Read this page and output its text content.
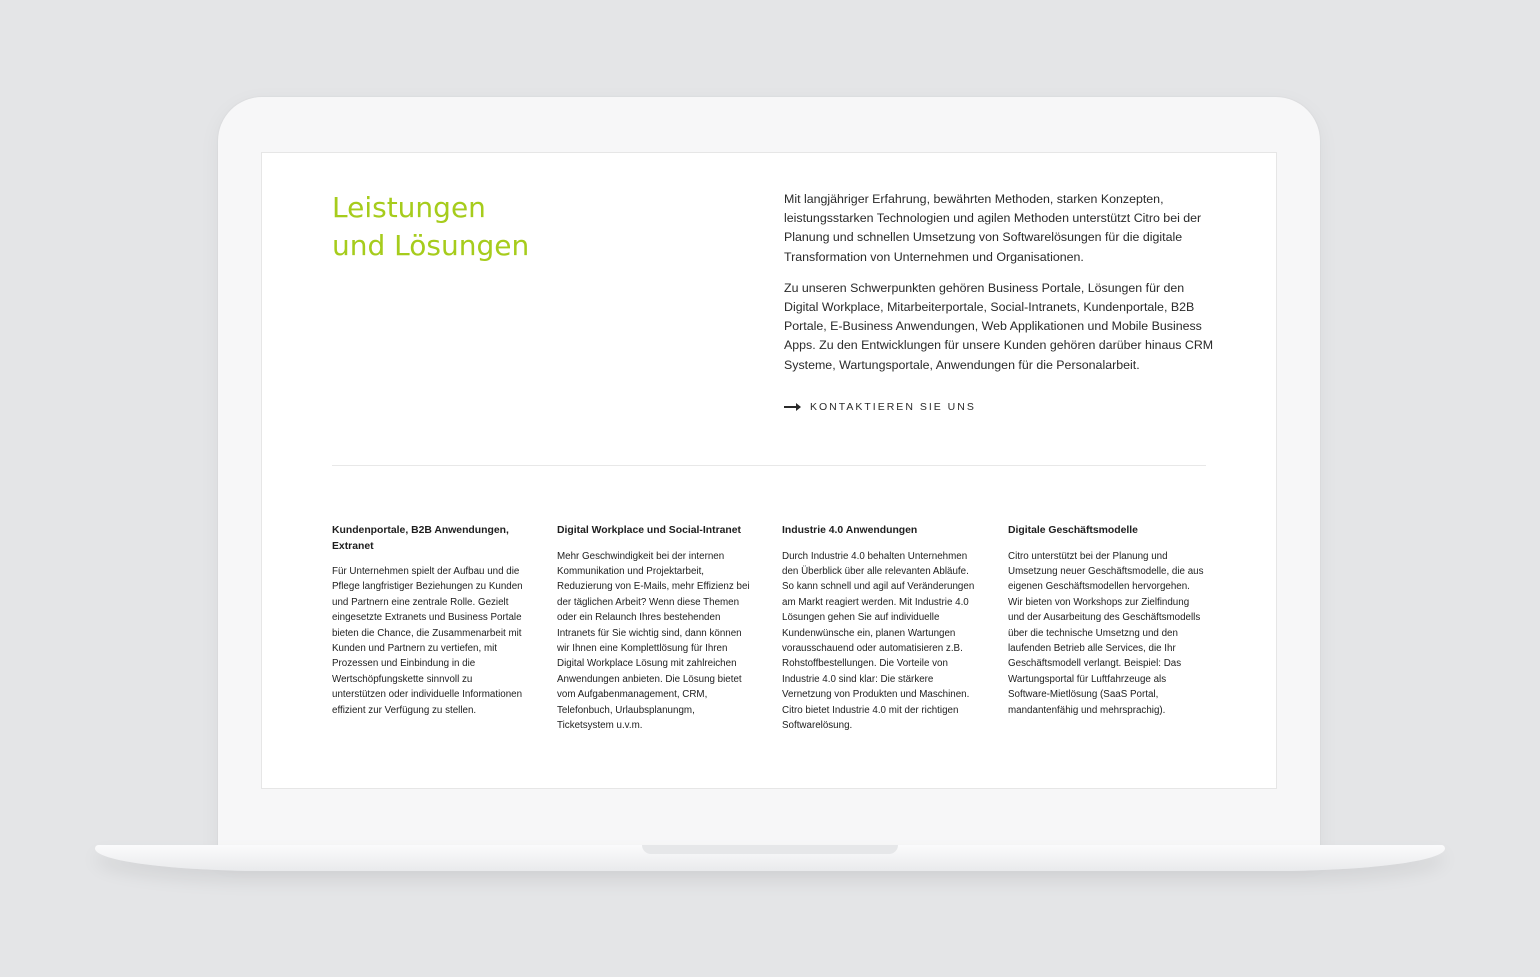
Leistungen
und Lösungen

Mit langjähriger Erfahrung, bewährten Methoden, starken Konzepten, leistungsstarken Technologien und agilen Methoden unterstützt Citro bei der Planung und schnellen Umsetzung von Softwarelösungen für die digitale Transformation von Unternehmen und Organisationen.

Zu unseren Schwerpunkten gehören Business Portale, Lösungen für den Digital Workplace, Mitarbeiterportale, Social-Intranets, Kundenportale, B2B Portale, E-Business Anwendungen, Web Applikationen und Mobile Business Apps. Zu den Entwicklungen für unsere Kunden gehören darüber hinaus CRM Systeme, Wartungsportale, Anwendungen für die Personalarbeit.

KONTAKTIEREN SIE UNS
Kundenportale, B2B Anwendungen, Extranet

Für Unternehmen spielt der Aufbau und die Pflege langfristiger Beziehungen zu Kunden und Partnern eine zentrale Rolle. Gezielt eingesetzte Extranets und Business Portale bieten die Chance, die Zusammenarbeit mit Kunden und Partnern zu vertiefen, mit Prozessen und Einbindung in die Wertschöpfungskette sinnvoll zu unterstützen oder individuelle Informationen effizient zur Verfügung zu stellen.

Digital Workplace und Social-Intranet

Mehr Geschwindigkeit bei der internen Kommunikation und Projektarbeit, Reduzierung von E-Mails, mehr Effizienz bei der täglichen Arbeit? Wenn diese Themen oder ein Relaunch Ihres bestehenden Intranets für Sie wichtig sind, dann können wir Ihnen eine Komplettlösung für Ihren Digital Workplace Lösung mit zahlreichen Anwendungen anbieten. Die Lösung bietet vom Aufgabenmanagement, CRM, Telefonbuch, Urlaubsplanungm, Ticketsystem u.v.m.

Industrie 4.0 Anwendungen

Durch Industrie 4.0 behalten Unternehmen den Überblick über alle relevanten Abläufe. So kann schnell und agil auf Veränderungen am Markt reagiert werden. Mit Industrie 4.0 Lösungen gehen Sie auf individuelle Kundenwünsche ein, planen Wartungen vorausschauend oder automatisieren z.B. Rohstoffbestellungen. Die Vorteile von Industrie 4.0 sind klar: Die stärkere Vernetzung von Produkten und Maschinen. Citro bietet Industrie 4.0 mit der richtigen Softwarelösung.

Digitale Geschäftsmodelle

Citro unterstützt bei der Planung und Umsetzung neuer Geschäftsmodelle, die aus eigenen Geschäftsmodellen hervorgehen. Wir bieten von Workshops zur Zielfindung und der Ausarbeitung des Geschäftsmodells über die technische Umsetzng und den laufenden Betrieb alle Services, die Ihr Geschäftsmodell verlangt. Beispiel: Das Wartungsportal für Luftfahrzeuge als Software-Mietlösung (SaaS Portal, mandantenfähig und mehrsprachig).
